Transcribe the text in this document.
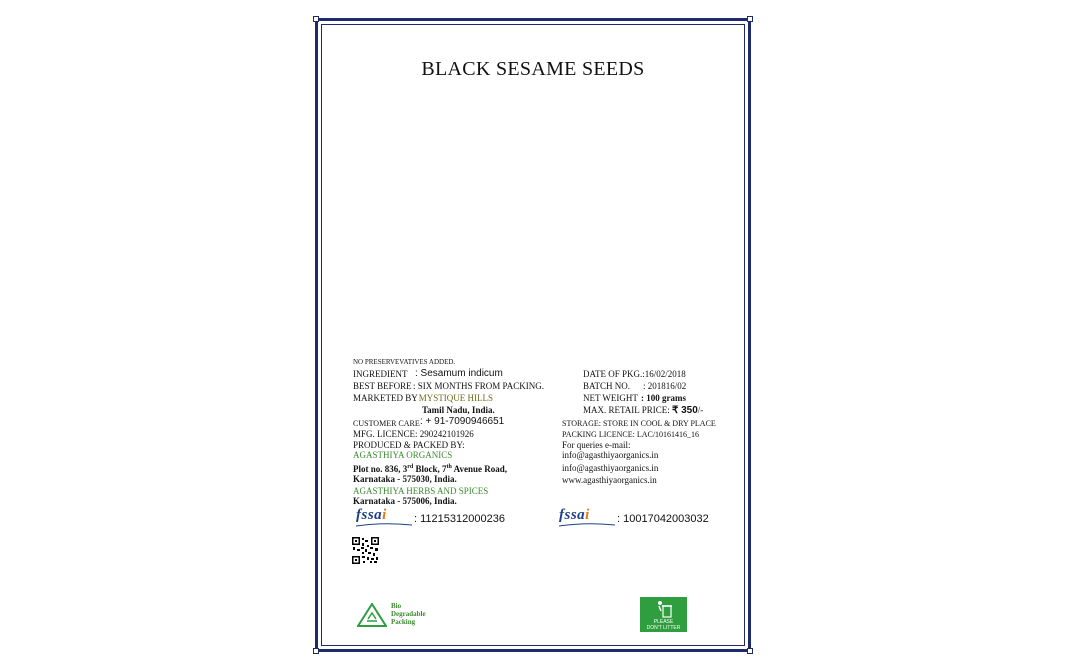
BLACK SESAME SEEDS
NO PRESERVEVATIVES ADDED.
INGREDIENT : Sesamum indicum
BEST BEFORE : SIX MONTHS FROM PACKING.
MARKETED BY
: MYSTIQUE HILLS
Tamil Nadu, India.
CUSTOMER CARE : + 91-7090946651
MFG. LICENCE: 290242101926
PRODUCED & PACKED BY:
AGASTHIYA ORGANICS
Plot no. 836, 3rd Block, 7th Avenue Road,
Karnataka - 575030, India.
AGASTHIYA HERBS AND SPICES
Karnataka - 575006, India.
DATE OF PKG.:16/02/2018
BATCH NO. : 201816/02
NET WEIGHT : 100 grams
MAX. RETAIL PRICE: ₹ 350/-
STORAGE: STORE IN COOL & DRY PLACE
PACKING LICENCE: LAC/10161416_16
For queries e-mail:
info@agasthiyaorganics.in
info@agasthiyaorganics.in
www.agasthiyaorganics.in
fssai : 11215312000236	fssai : 10017042003032
Bio
Degradable
Packing	PLEASE
DON'T LITTER
